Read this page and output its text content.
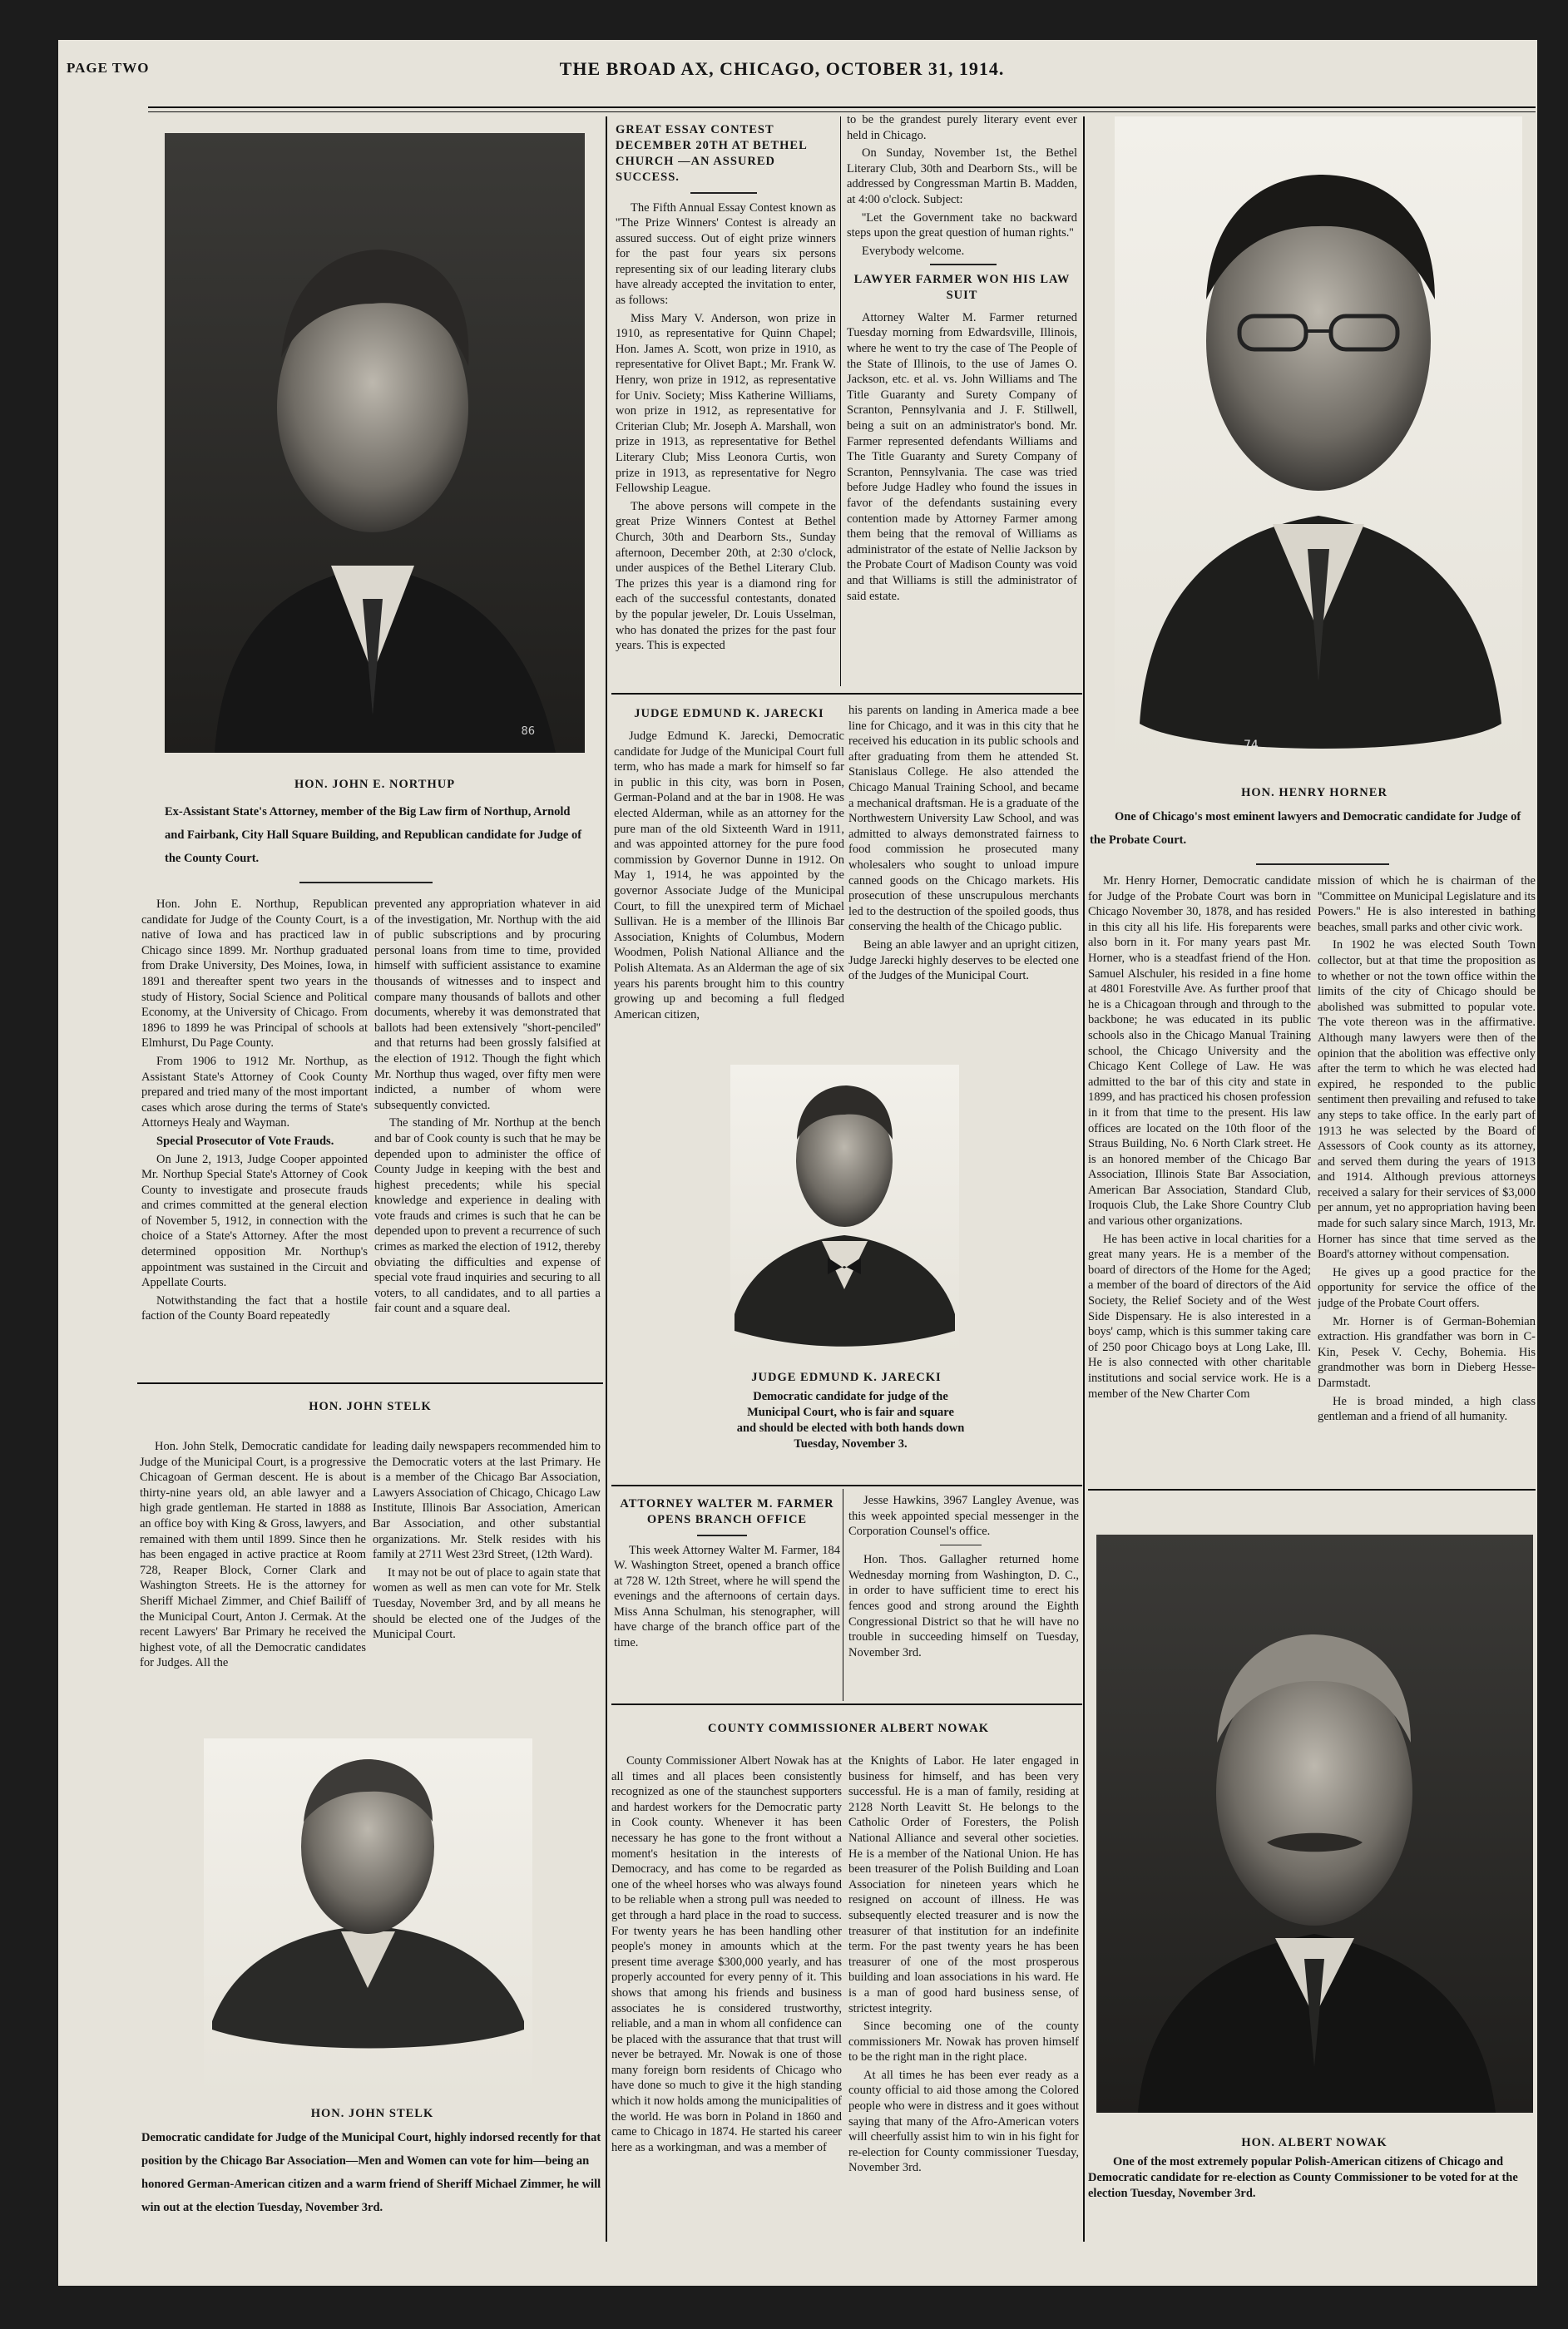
PAGE TWO	THE BROAD AX, CHICAGO, OCTOBER 31, 1914.
86
HON. JOHN E. NORTHUP
Ex-Assistant State's Attorney, member of the Big Law firm of Northup, Arnold and Fairbank, City Hall Square Building, and Republican candidate for Judge of the County Court.

Hon. John E. Northup, Republican candidate for Judge of the County Court, is a native of Iowa and has practiced law in Chicago since 1899. Mr. Northup graduated from Drake University, Des Moines, Iowa, in 1891 and thereafter spent two years in the study of History, Social Science and Political Economy, at the University of Chicago. From 1896 to 1899 he was Principal of schools at Elmhurst, Du Page County.

From 1906 to 1912 Mr. Northup, as Assistant State's Attorney of Cook County prepared and tried many of the most important cases which arose during the terms of State's Attorneys Healy and Wayman.

Special Prosecutor of Vote Frauds.

On June 2, 1913, Judge Cooper appointed Mr. Northup Special State's Attorney of Cook County to investigate and prosecute frauds and crimes committed at the general election of November 5, 1912, in connection with the choice of a State's Attorney. After the most determined opposition Mr. Northup's appointment was sustained in the Circuit and Appellate Courts.

Notwithstanding the fact that a hostile faction of the County Board repeatedly

prevented any appropriation whatever in aid of the investigation, Mr. Northup with the aid of public subscriptions and by procuring personal loans from time to time, provided himself with sufficient assistance to examine thousands of witnesses and to inspect and compare many thousands of ballots and other documents, whereby it was demonstrated that ballots had been extensively ''short-penciled'' and that returns had been grossly falsified at the election of 1912. Though the fight which Mr. Northup thus waged, over fifty men were indicted, a number of whom were subsequently convicted.

The standing of Mr. Northup at the bench and bar of Cook county is such that he may be depended upon to administer the office of County Judge in keeping with the best and highest precedents; while his special knowledge and experience in dealing with vote frauds and crimes is such that he can be depended upon to prevent a recurrence of such crimes as marked the election of 1912, thereby obviating the difficulties and expense of special vote fraud inquiries and securing to all voters, to all candidates, and to all parties a fair count and a square deal.

HON. JOHN STELK

Hon. John Stelk, Democratic candidate for Judge of the Municipal Court, is a progressive Chicagoan of German descent. He is about thirty-nine years old, an able lawyer and a high grade gentleman. He started in 1888 as an office boy with King & Gross, lawyers, and remained with them until 1899. Since then he has been engaged in active practice at Room 728, Reaper Block, Corner Clark and Washington Streets. He is the attorney for Sheriff Michael Zimmer, and Chief Bailiff of the Municipal Court, Anton J. Cermak. At the recent Lawyers' Bar Primary he received the highest vote, of all the Democratic candidates for Judges. All the

leading daily newspapers recommended him to the Democratic voters at the last Primary. He is a member of the Chicago Bar Association, Lawyers Association of Chicago, Chicago Law Institute, Illinois Bar Association, American Bar Association, and other substantial organizations. Mr. Stelk resides with his family at 2711 West 23rd Street, (12th Ward).

It may not be out of place to again state that women as well as men can vote for Mr. Stelk Tuesday, November 3rd, and by all means he should be elected one of the Judges of the Municipal Court.

HON. JOHN STELK
Democratic candidate for Judge of the Municipal Court, highly indorsed recently for that position by the Chicago Bar Association—Men and Women can vote for him—being an honored German-American citizen and a warm friend of Sheriff Michael Zimmer, he will win out at the election Tuesday, November 3rd.
GREAT ESSAY CONTEST DECEMBER 20TH AT BETHEL CHURCH —AN ASSURED SUCCESS.

The Fifth Annual Essay Contest known as ''The Prize Winners' Contest is already an assured success. Out of eight prize winners for the past four years six persons representing six of our leading literary clubs have already accepted the invitation to enter, as follows:

Miss Mary V. Anderson, won prize in 1910, as representative for Quinn Chapel; Hon. James A. Scott, won prize in 1910, as representative for Olivet Bapt.; Mr. Frank W. Henry, won prize in 1912, as representative for Univ. Society; Miss Katherine Williams, won prize in 1912, as representative for Criterian Club; Mr. Joseph A. Marshall, won prize in 1913, as representative for Bethel Literary Club; Miss Leonora Curtis, won prize in 1913, as representative for Negro Fellowship League.

The above persons will compete in the great Prize Winners Contest at Bethel Church, 30th and Dearborn Sts., Sunday afternoon, December 20th, at 2:30 o'clock, under auspices of the Bethel Literary Club. The prizes this year is a diamond ring for each of the successful contestants, donated by the popular jeweler, Dr. Louis Usselman, who has donated the prizes for the past four years. This is expected

to be the grandest purely literary event ever held in Chicago.

On Sunday, November 1st, the Bethel Literary Club, 30th and Dearborn Sts., will be addressed by Congressman Martin B. Madden, at 4:00 o'clock. Subject:

''Let the Government take no backward steps upon the great question of human rights.''

Everybody welcome.

LAWYER FARMER WON HIS LAW SUIT

Attorney Walter M. Farmer returned Tuesday morning from Edwardsville, Illinois, where he went to try the case of The People of the State of Illinois, to the use of James O. Jackson, etc. et al. vs. John Williams and The Title Guaranty and Surety Company of Scranton, Pennsylvania and J. F. Stillwell, being a suit on an administrator's bond. Mr. Farmer represented defendants Williams and The Title Guaranty and Surety Company of Scranton, Pennsylvania. The case was tried before Judge Hadley who found the issues in favor of the defendants sustaining every contention made by Attorney Farmer among them being that the removal of Williams as administrator of the estate of Nellie Jackson by the Probate Court of Madison County was void and that Williams is still the administrator of said estate.

JUDGE EDMUND K. JARECKI

Judge Edmund K. Jarecki, Democratic candidate for Judge of the Municipal Court full term, who has made a mark for himself so far in public in this city, was born in Posen, German-Poland and at the bar in 1908. He was elected Alderman, while as an attorney for the pure man of the old Sixteenth Ward in 1911, and was appointed attorney for the pure food commission by Governor Dunne in 1912. On May 1, 1914, he was appointed by the governor Associate Judge of the Municipal Court, to fill the unexpired term of Michael Sullivan. He is a member of the Illinois Bar Association, Knights of Columbus, Modern Woodmen, Polish National Alliance and the Polish Altemata. As an Alderman the age of six years his parents brought him to this country growing up and becoming a full fledged American citizen,

his parents on landing in America made a bee line for Chicago, and it was in this city that he received his education in its public schools and after graduating from them he attended St. Stanislaus College. He also attended the Chicago Manual Training School, and became a mechanical draftsman. He is a graduate of the Northwestern University Law School, and was admitted to always demonstrated fairness to food commission he prosecuted many wholesalers who sought to unload impure canned goods on the Chicago markets. His prosecution of these unscrupulous merchants led to the destruction of the spoiled goods, thus conserving the health of the Chicago public.

Being an able lawyer and an upright citizen, Judge Jarecki highly deserves to be elected one of the Judges of the Municipal Court.

JUDGE EDMUND K. JARECKI
Democratic candidate for judge of the Municipal Court, who is fair and square and should be elected with both hands down Tuesday, November 3.
ATTORNEY WALTER M. FARMER OPENS BRANCH OFFICE

This week Attorney Walter M. Farmer, 184 W. Washington Street, opened a branch office at 728 W. 12th Street, where he will spend the evenings and the afternoons of certain days. Miss Anna Schulman, his stenographer, will have charge of the branch office part of the time.

Jesse Hawkins, 3967 Langley Avenue, was this week appointed special messenger in the Corporation Counsel's office.

Hon. Thos. Gallagher returned home Wednesday morning from Washington, D. C., in order to have sufficient time to erect his fences good and strong around the Eighth Congressional District so that he will have no trouble in succeeding himself on Tuesday, November 3rd.

COUNTY COMMISSIONER ALBERT NOWAK

County Commissioner Albert Nowak has at all times and all places been consistently recognized as one of the staunchest supporters and hardest workers for the Democratic party in Cook county. Whenever it has been necessary he has gone to the front without a moment's hesitation in the interests of Democracy, and has come to be regarded as one of the wheel horses who was always found to be reliable when a strong pull was needed to get through a hard place in the road to success. For twenty years he has been handling other people's money in amounts which at the present time average $300,000 yearly, and has properly accounted for every penny of it. This shows that among his friends and business associates he is considered trustworthy, reliable, and a man in whom all confidence can be placed with the assurance that that trust will never be betrayed. Mr. Nowak is one of those many foreign born residents of Chicago who have done so much to give it the high standing which it now holds among the municipalities of the world. He was born in Poland in 1860 and came to Chicago in 1874. He started his career here as a workingman, and was a member of

the Knights of Labor. He later engaged in business for himself, and has been very successful. He is a man of family, residing at 2128 North Leavitt St. He belongs to the Catholic Order of Foresters, the Polish National Alliance and several other societies. He is a member of the National Union. He has been treasurer of the Polish Building and Loan Association for nineteen years which he resigned on account of illness. He was subsequently elected treasurer and is now the treasurer of that institution for an indefinite term. For the past twenty years he has been treasurer of one of the most prosperous building and loan associations in his ward. He is a man of good hard business sense, of strictest integrity.

Since becoming one of the county commissioners Mr. Nowak has proven himself to be the right man in the right place.

At all times he has been ever ready as a county official to aid those among the Colored people who were in distress and it goes without saying that many of the Afro-American voters will cheerfully assist him to win in his fight for re-election for County commissioner Tuesday, November 3rd.

74
HON. HENRY HORNER
One of Chicago's most eminent lawyers and Democratic candidate for Judge of the Probate Court.

Mr. Henry Horner, Democratic candidate for Judge of the Probate Court was born in Chicago November 30, 1878, and has resided in this city all his life. His foreparents were also born in it. For many years past Mr. Horner, who is a steadfast friend of the Hon. Samuel Alschuler, his resided in a fine home at 4801 Forestville Ave. As further proof that he is a Chicagoan through and through to the backbone; he was educated in its public schools also in the Chicago Manual Training school, the Chicago University and the Chicago Kent College of Law. He was admitted to the bar of this city and state in 1899, and has practiced his chosen profession in it from that time to the present. His law offices are located on the 10th floor of the Straus Building, No. 6 North Clark street. He is an honored member of the Chicago Bar Association, Illinois State Bar Association, American Bar Association, Standard Club, Iroquois Club, the Lake Shore Country Club and various other organizations.

He has been active in local charities for a great many years. He is a member of the board of directors of the Home for the Aged; a member of the board of directors of the Aid Society, the Relief Society and of the West Side Dispensary. He is also interested in a boys' camp, which is this summer taking care of 250 poor Chicago boys at Long Lake, Ill. He is also connected with other charitable institutions and social service work. He is a member of the New Charter Com

mission of which he is chairman of the ''Committee on Municipal Legislature and its Powers.'' He is also interested in bathing beaches, small parks and other civic work.

In 1902 he was elected South Town collector, but at that time the proposition as to whether or not the town office within the limits of the city of Chicago should be abolished was submitted to popular vote. The vote thereon was in the affirmative. Although many lawyers were then of the opinion that the abolition was effective only after the term to which he was elected had expired, he responded to the public sentiment then prevailing and refused to take any steps to take office. In the early part of 1913 he was selected by the Board of Assessors of Cook county as its attorney, and served them during the years of 1913 and 1914. Although previous attorneys received a salary for their services of $3,000 per annum, yet no appropriation having been made for such salary since March, 1913, Mr. Horner has since that time served as the Board's attorney without compensation.

He gives up a good practice for the opportunity for service the office of the judge of the Probate Court offers.

Mr. Horner is of German-Bohemian extraction. His grandfather was born in C-Kin, Pesek V. Cechy, Bohemia. His grandmother was born in Dieberg Hesse-Darmstadt.

He is broad minded, a high class gentleman and a friend of all humanity.

HON. ALBERT NOWAK
One of the most extremely popular Polish-American citizens of Chicago and Democratic candidate for re-election as County Commissioner to be voted for at the election Tuesday, November 3rd.
